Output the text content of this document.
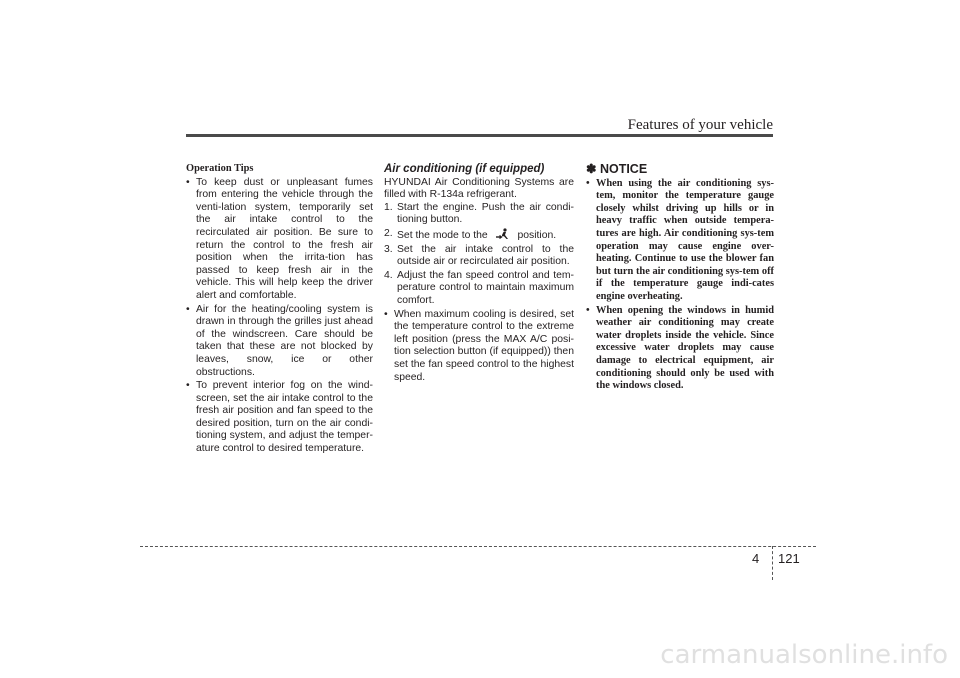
Features of your vehicle

Operation Tips

• To keep dust or unpleasant fumes from entering the vehicle through the venti-lation system, temporarily set the air intake control to the recirculated air position. Be sure to return the control to the fresh air position when the irrita-tion has passed to keep fresh air in the vehicle. This will help keep the driver alert and comfortable.
• Air for the heating/cooling system is drawn in through the grilles just ahead of the windscreen. Care should be taken that these are not blocked by leaves, snow, ice or other obstructions.
• To prevent interior fog on the wind-screen, set the air intake control to the fresh air position and fan speed to the desired position, turn on the air condi-tioning system, and adjust the temper-ature control to desired temperature.

Air conditioning (if equipped)

HYUNDAI Air Conditioning Systems are filled with R-134a refrigerant.

1. Start the engine. Push the air condi-tioning button.
2. Set the mode to the	position.
3. Set the air intake control to the outside air or recirculated air position.
4. Adjust the fan speed control and tem-perature control to maintain maximum comfort.
• When maximum cooling is desired, set the temperature control to the extreme left position (press the MAX A/C posi-tion selection button (if equipped)) then set the fan speed control to the highest speed.

✽ NOTICE

• When using the air conditioning sys-tem, monitor the temperature gauge closely whilst driving up hills or in heavy traffic when outside tempera-tures are high. Air conditioning sys-tem operation may cause engine over-heating. Continue to use the blower fan but turn the air conditioning sys-tem off if the temperature gauge indi-cates engine overheating.
• When opening the windows in humid weather air conditioning may create water droplets inside the vehicle. Since excessive water droplets may cause damage to electrical equipment, air conditioning should only be used with the windows closed.
4 121
carmanualsonline.info
